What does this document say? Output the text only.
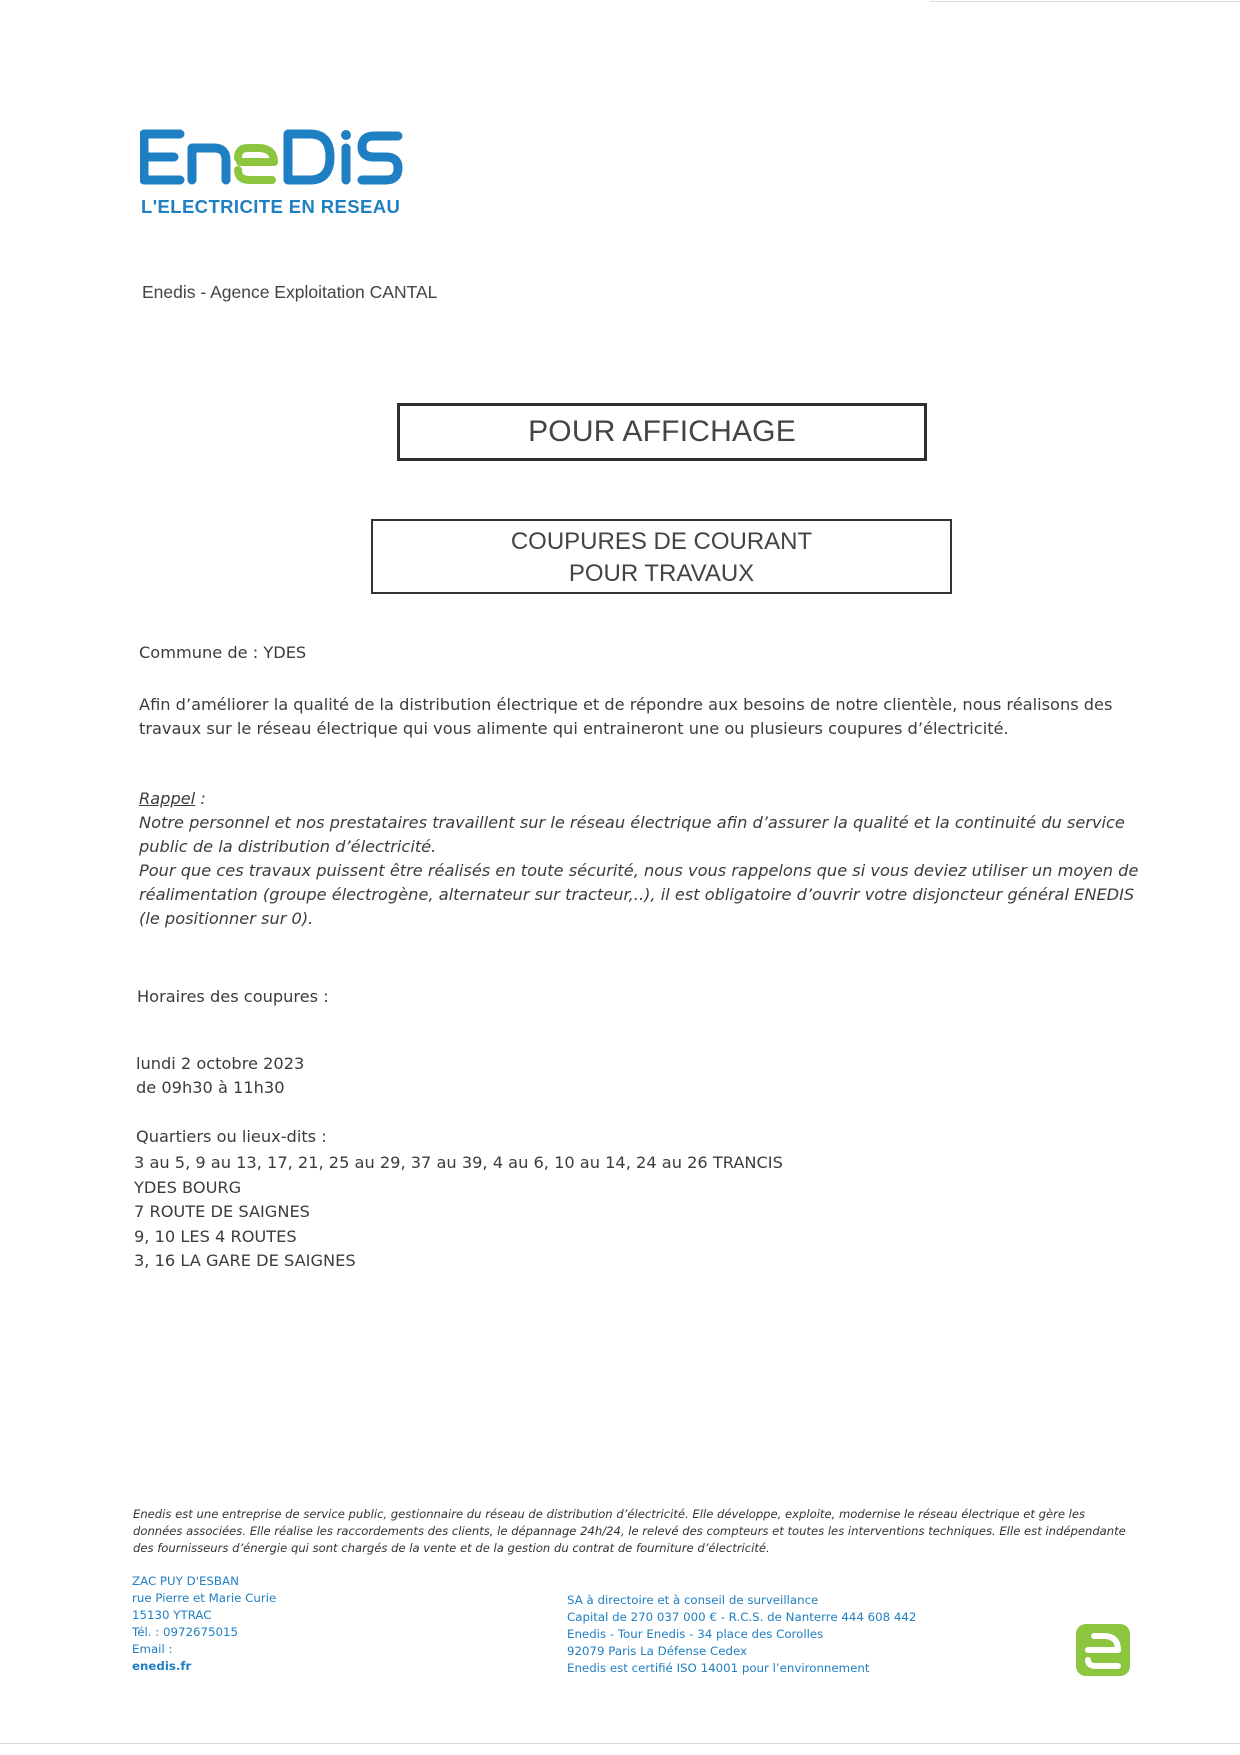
L'ELECTRICITE EN RESEAU
Enedis - Agence Exploitation CANTAL
POUR AFFICHAGE
COUPURES DE COURANT
POUR TRAVAUX
Commune de : YDES
Afin d’améliorer la qualité de la distribution électrique et de répondre aux besoins de notre clientèle, nous réalisons des travaux sur le réseau électrique qui vous alimente qui entraineront une ou plusieurs coupures d’électricité.

Rappel :

Notre personnel et nos prestataires travaillent sur le réseau électrique afin d’assurer la qualité et la continuité du service public de la distribution d’électricité.

Pour que ces travaux puissent être réalisés en toute sécurité, nous vous rappelons que si vous deviez utiliser un moyen de réalimentation (groupe électrogène, alternateur sur tracteur,..), il est obligatoire d’ouvrir votre disjoncteur général ENEDIS (le positionner sur 0).

Horaires des coupures :
lundi 2 octobre 2023
de 09h30 à 11h30
Quartiers ou lieux-dits :
3 au 5, 9 au 13, 17, 21, 25 au 29, 37 au 39, 4 au 6, 10 au 14, 24 au 26 TRANCIS
YDES BOURG
7 ROUTE DE SAIGNES
9, 10 LES 4 ROUTES
3, 16 LA GARE DE SAIGNES
Enedis est une entreprise de service public, gestionnaire du réseau de distribution d’électricité. Elle développe, exploite, modernise le réseau électrique et gère les données associées. Elle réalise les raccordements des clients, le dépannage 24h/24, le relevé des compteurs et toutes les interventions techniques. Elle est indépendante des fournisseurs d’énergie qui sont chargés de la vente et de la gestion du contrat de fourniture d’électricité.
ZAC PUY D'ESBAN
rue Pierre et Marie Curie
15130 YTRAC
Tél. : 0972675015
Email :
enedis.fr
SA à directoire et à conseil de surveillance
Capital de 270 037 000 € - R.C.S. de Nanterre 444 608 442
Enedis - Tour Enedis - 34 place des Corolles
92079 Paris La Défense Cedex
Enedis est certifié ISO 14001 pour l’environnement
